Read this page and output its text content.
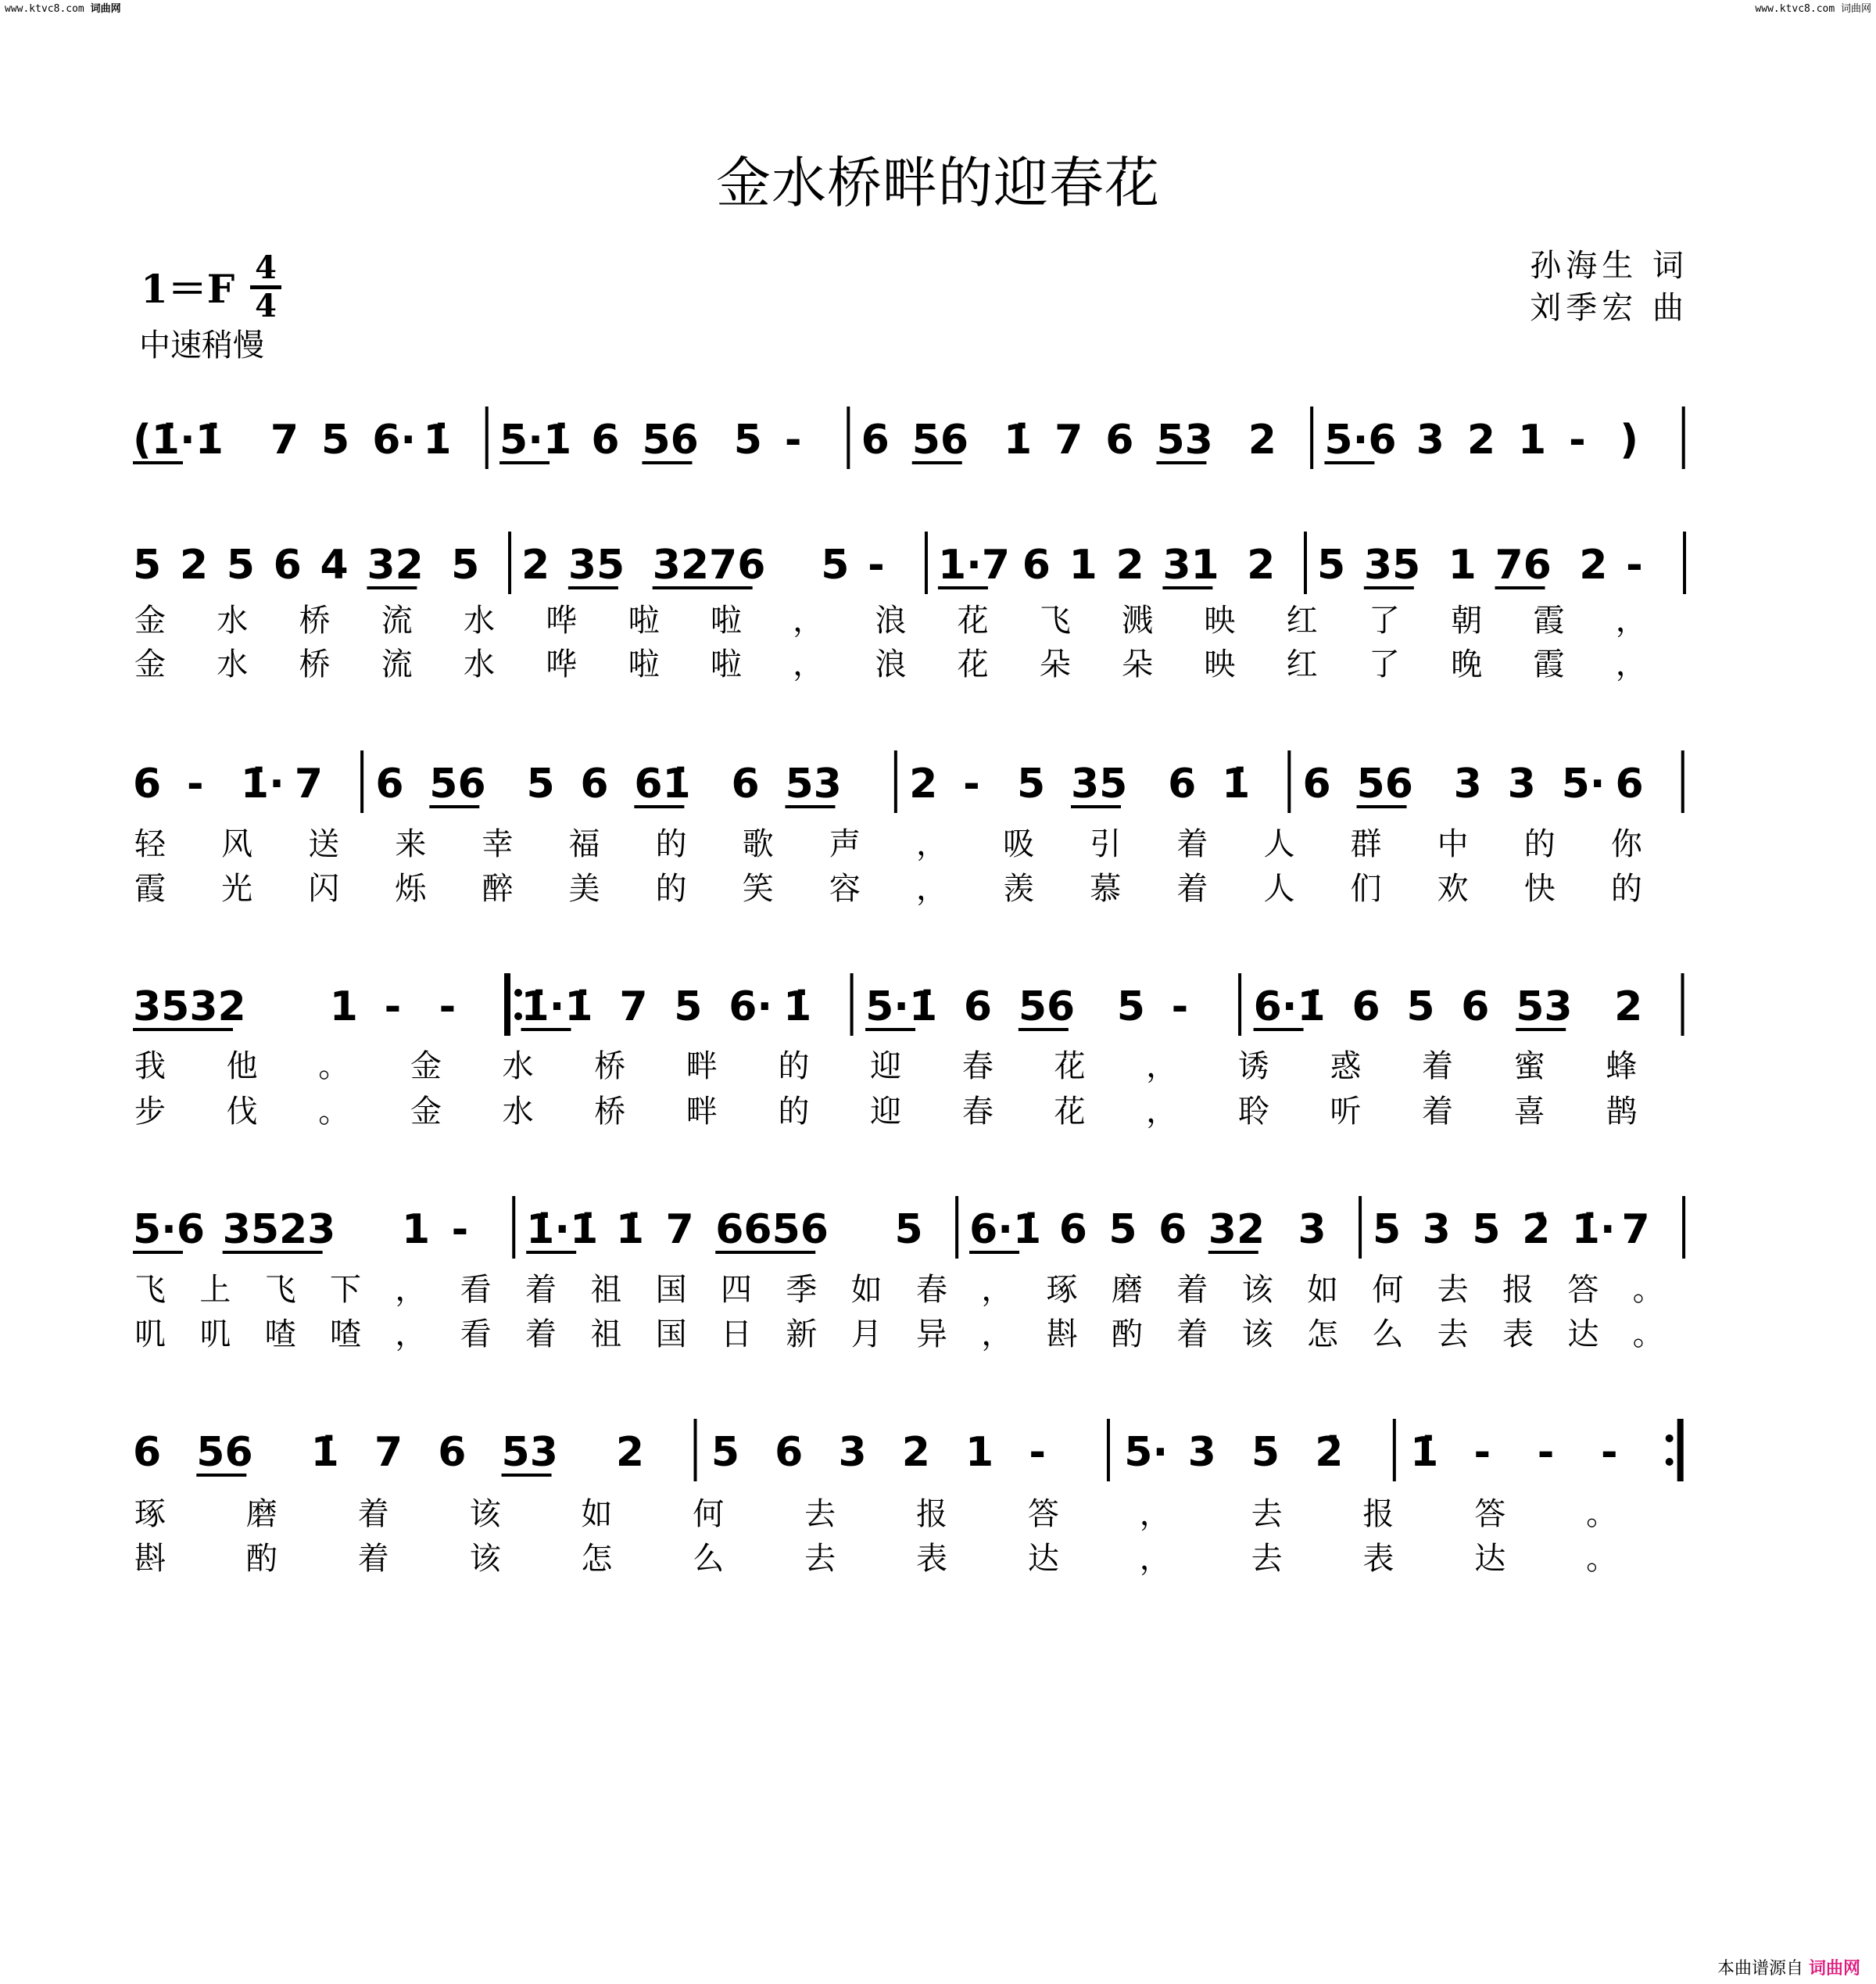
www.ktvc8.com 词曲网	www.ktvc8.com 词曲网
金水桥畔的迎春花
1＝F 4
4
中速稍慢
孙海生 词
刘季宏 曲
(1̇·1̇ 7 5 6· 1̇ 5·1̇ 6 56 5 - 6 56 1̇ 7 6 53 2 5·6 3 2 1 - )
5 2 5 6 4 32 5 2 35 3276 5 - 1·7 6 1 2 31 2 5 35 1 76 2 -
金 水 桥 流 水 哗 啦 啦 ， 浪 花 飞 溅 映 红 了 朝 霞 ，
金 水 桥 流 水 哗 啦 啦 ， 浪 花 朵 朵 映 红 了 晚 霞 ，
6 - 1̇· 7 6 56 5 6 61̇ 6 53 2 - 5 35 6 1̇ 6 56 3 3 5· 6
轻 风 送 来 幸 福 的 歌 声 ， 吸 引 着 人 群 中 的 你
霞 光 闪 烁 醉 美 的 笑 容 ， 羡 慕 着 人 们 欢 快 的
3532 1 - - 1̇·1̇ 7 5 6· 1̇ 5·1̇ 6 56 5 - 6·1̇ 6 5 6 53 2
我 他 。 金 水 桥 畔 的 迎 春 花 ， 诱 惑 着 蜜 蜂
步 伐 。 金 水 桥 畔 的 迎 春 花 ， 聆 听 着 喜 鹊
5·6 3523 1 - 1̇·1̇ 1̇ 7 6656 5 6·1̇ 6 5 6 32 3 5 3 5 2̇ 1̇· 7
飞 上 飞 下 ， 看 着 祖 国 四 季 如 春 ， 琢 磨 着 该 如 何 去 报 答 。
叽 叽 喳 喳 ， 看 着 祖 国 日 新 月 异 ， 斟 酌 着 该 怎 么 去 表 达 。
6 56 1̇ 7 6 53 2 5 6 3 2 1 - 5· 3 5 2̇ 1̇ - - -
琢	磨	着	该	如	何	去	报	答	，	去	报	答	。
斟	酌	着	该	怎	么	去	表	达	，	去	表	达	。
本曲谱源自 词曲网
